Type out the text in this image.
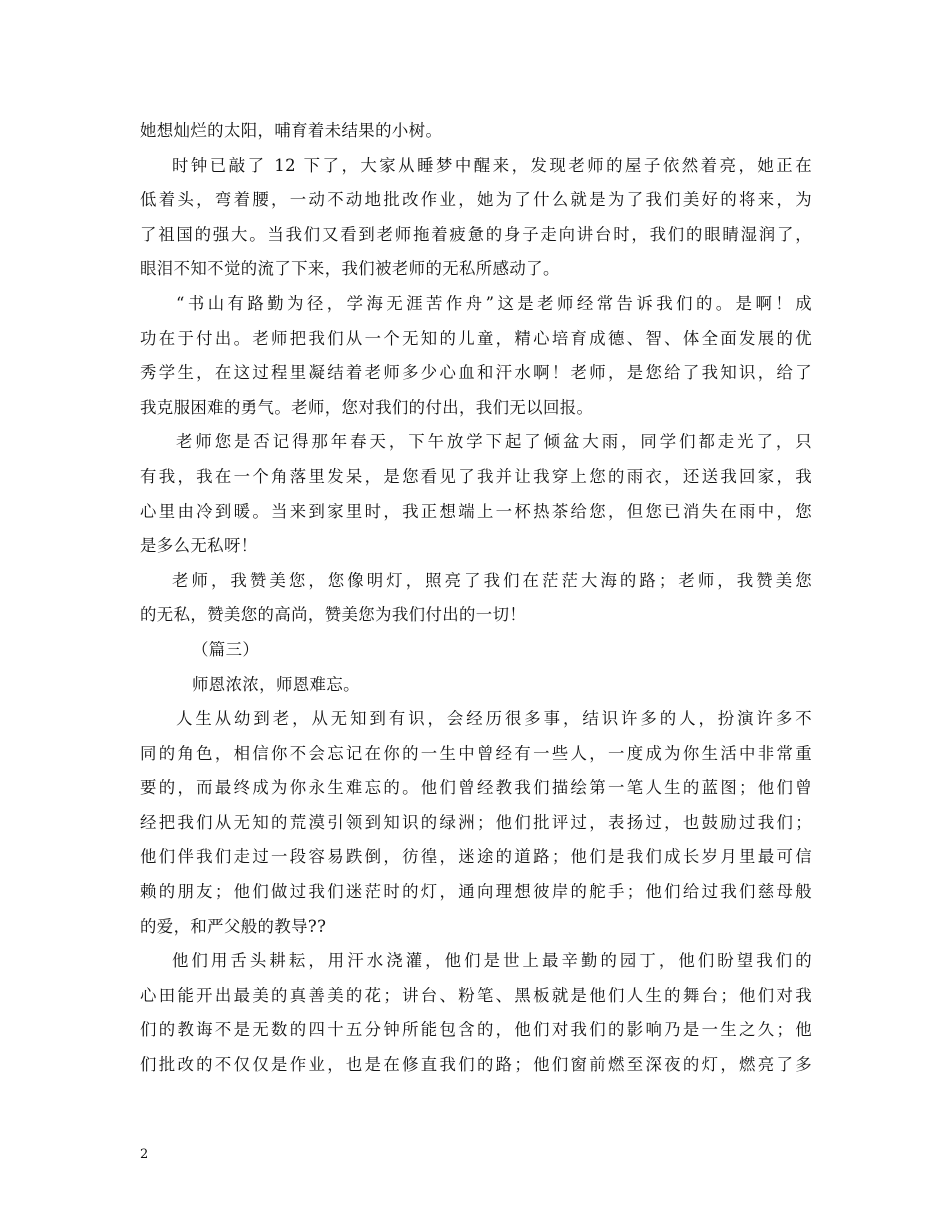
她想灿烂的太阳，哺育着未结果的小树。
时钟已敲了 12 下了，大家从睡梦中醒来，发现老师的屋子依然着亮，她正在
低着头，弯着腰，一动不动地批改作业，她为了什么就是为了我们美好的将来，为
了祖国的强大。当我们又看到老师拖着疲惫的身子走向讲台时，我们的眼睛湿润了，
眼泪不知不觉的流了下来，我们被老师的无私所感动了。
“书山有路勤为径，学海无涯苦作舟”这是老师经常告诉我们的。是啊！成
功在于付出。老师把我们从一个无知的儿童，精心培育成德、智、体全面发展的优
秀学生，在这过程里凝结着老师多少心血和汗水啊！老师，是您给了我知识，给了
我克服困难的勇气。老师，您对我们的付出，我们无以回报。
老师您是否记得那年春天，下午放学下起了倾盆大雨，同学们都走光了，只
有我，我在一个角落里发呆，是您看见了我并让我穿上您的雨衣，还送我回家，我
心里由冷到暖。当来到家里时，我正想端上一杯热茶给您，但您已消失在雨中，您
是多么无私呀！
老师，我赞美您，您像明灯，照亮了我们在茫茫大海的路；老师，我赞美您
的无私，赞美您的高尚，赞美您为我们付出的一切！
（篇三）
师恩浓浓，师恩难忘。
人生从幼到老，从无知到有识，会经历很多事，结识许多的人，扮演许多不
同的角色，相信你不会忘记在你的一生中曾经有一些人，一度成为你生活中非常重
要的，而最终成为你永生难忘的。他们曾经教我们描绘第一笔人生的蓝图；他们曾
经把我们从无知的荒漠引领到知识的绿洲；他们批评过，表扬过，也鼓励过我们；
他们伴我们走过一段容易跌倒，彷徨，迷途的道路；他们是我们成长岁月里最可信
赖的朋友；他们做过我们迷茫时的灯，通向理想彼岸的舵手；他们给过我们慈母般
的爱，和严父般的教导??
他们用舌头耕耘，用汗水浇灌，他们是世上最辛勤的园丁，他们盼望我们的
心田能开出最美的真善美的花；讲台、粉笔、黑板就是他们人生的舞台；他们对我
们的教诲不是无数的四十五分钟所能包含的，他们对我们的影响乃是一生之久；他
们批改的不仅仅是作业，也是在修直我们的路；他们窗前燃至深夜的灯，燃亮了多
2
